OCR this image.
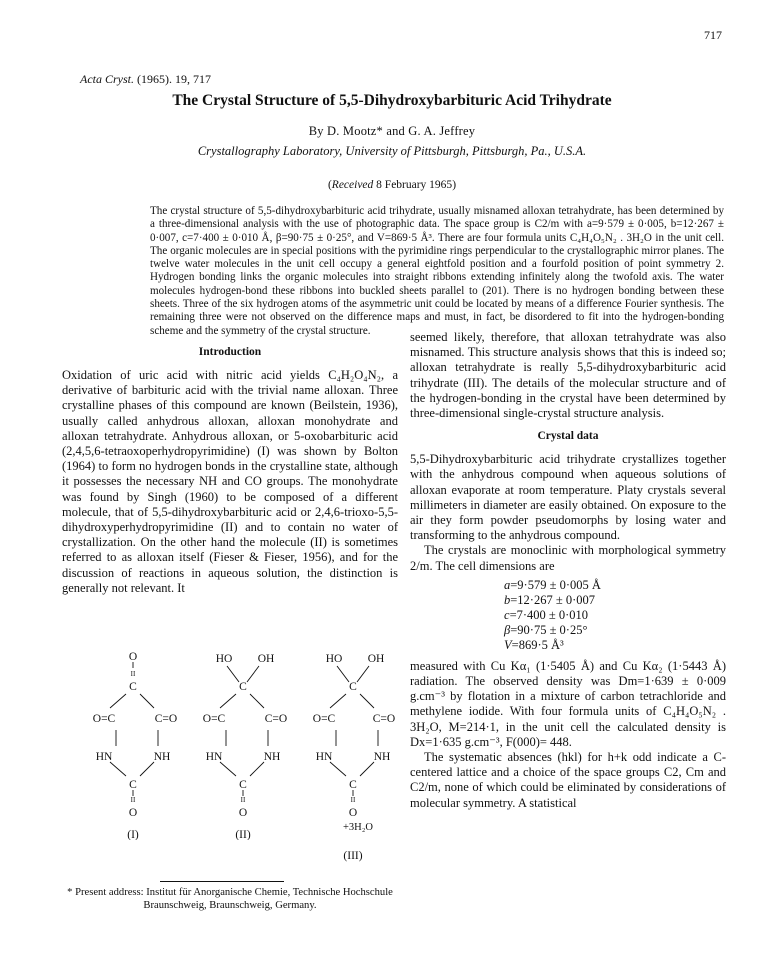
717
Acta Cryst. (1965). 19, 717
The Crystal Structure of 5,5-Dihydroxybarbituric Acid Trihydrate
By D. Mootz* and G. A. Jeffrey
Crystallography Laboratory, University of Pittsburgh, Pittsburgh, Pa., U.S.A.
(Received 8 February 1965)
The crystal structure of 5,5-dihydroxybarbituric acid trihydrate, usually misnamed alloxan tetrahydrate, has been determined by a three-dimensional analysis with the use of photographic data. The space group is C2/m with a=9·579 ± 0·005, b=12·267 ± 0·007, c=7·400 ± 0·010 Å, β=90·75 ± 0·25°, and V=869·5 Å³. There are four formula units C₄H₄O₅N₂ . 3H₂O in the unit cell. The organic molecules are in special positions with the pyrimidine rings perpendicular to the crystallographic mirror planes. The twelve water molecules in the unit cell occupy a general eightfold position and a fourfold position of point symmetry 2. Hydrogen bonding links the organic molecules into straight ribbons extending infinitely along the twofold axis. The water molecules hydrogen-bond these ribbons into buckled sheets parallel to (201). There is no hydrogen bonding between these sheets. Three of the six hydrogen atoms of the asymmetric unit could be located by means of a difference Fourier synthesis. The remaining three were not observed on the difference maps and must, in fact, be disordered to fit into the hydrogen-bonding scheme and the symmetry of the crystal structure.
Introduction

Oxidation of uric acid with nitric acid yields C₄H₂O₄N₂, a derivative of barbituric acid with the trivial name alloxan. Three crystalline phases of this compound are known (Beilstein, 1936), usually called anhydrous alloxan, alloxan monohydrate and alloxan tetrahydrate. Anhydrous alloxan, or 5-oxobarbituric acid (2,4,5,6-tetraoxoperhydropyrimidine) (I) was shown by Bolton (1964) to form no hydrogen bonds in the crystalline state, although it possesses the necessary NH and CO groups. The monohydrate was found by Singh (1960) to be composed of a different molecule, that of 5,5-dihydroxybarbituric acid or 2,4,6-trioxo-5,5-dihydroxyperhydropyrimidine (II) and to contain no water of crystallization. On the other hand the molecule (II) is sometimes referred to as alloxan itself (Fieser & Fieser, 1956), and for the discussion of reactions in aqueous solution, the distinction is generally not relevant. It

O
II
C
O=C	C=O
HN	NH
C
II
O
(I)
HO OH
C
O=C	C=O
HN	NH
C
II
O
(II)
HO OH
C
O=C	C=O
HN	NH
C
II
O
+3H₂O
(III)
* Present address: Institut für Anorganische Chemie, Technische Hochschule Braunschweig, Braunschweig, Germany.

seemed likely, therefore, that alloxan tetrahydrate was also misnamed. This structure analysis shows that this is indeed so; alloxan tetrahydrate is really 5,5-dihydroxybarbituric acid trihydrate (III). The details of the molecular structure and of the hydrogen-bonding in the crystal have been determined by three-dimensional single-crystal structure analysis.

Crystal data

5,5-Dihydroxybarbituric acid trihydrate crystallizes together with the anhydrous compound when aqueous solutions of alloxan evaporate at room temperature. Platy crystals several millimeters in diameter are easily obtained. On exposure to the air they form powder pseudomorphs by losing water and transforming to the anhydrous compound.

The crystals are monoclinic with morphological symmetry 2/m. The cell dimensions are

a=9·579 ± 0·005 Å
b=12·267 ± 0·007
c=7·400 ± 0·010
β=90·75 ± 0·25°
V=869·5 Å³

measured with Cu Kα₁ (1·5405 Å) and Cu Kα₂ (1·5443 Å) radiation. The observed density was Dm=1·639 ± 0·009 g.cm⁻³ by flotation in a mixture of carbon tetrachloride and methylene iodide. With four formula units of C₄H₄O₅N₂ . 3H₂O, M=214·1, in the unit cell the calculated density is Dx=1·635 g.cm⁻³, F(000)= 448.

The systematic absences (hkl) for h+k odd indicate a C-centered lattice and a choice of the space groups C2, Cm and C2/m, none of which could be eliminated by considerations of molecular symmetry. A statistical
